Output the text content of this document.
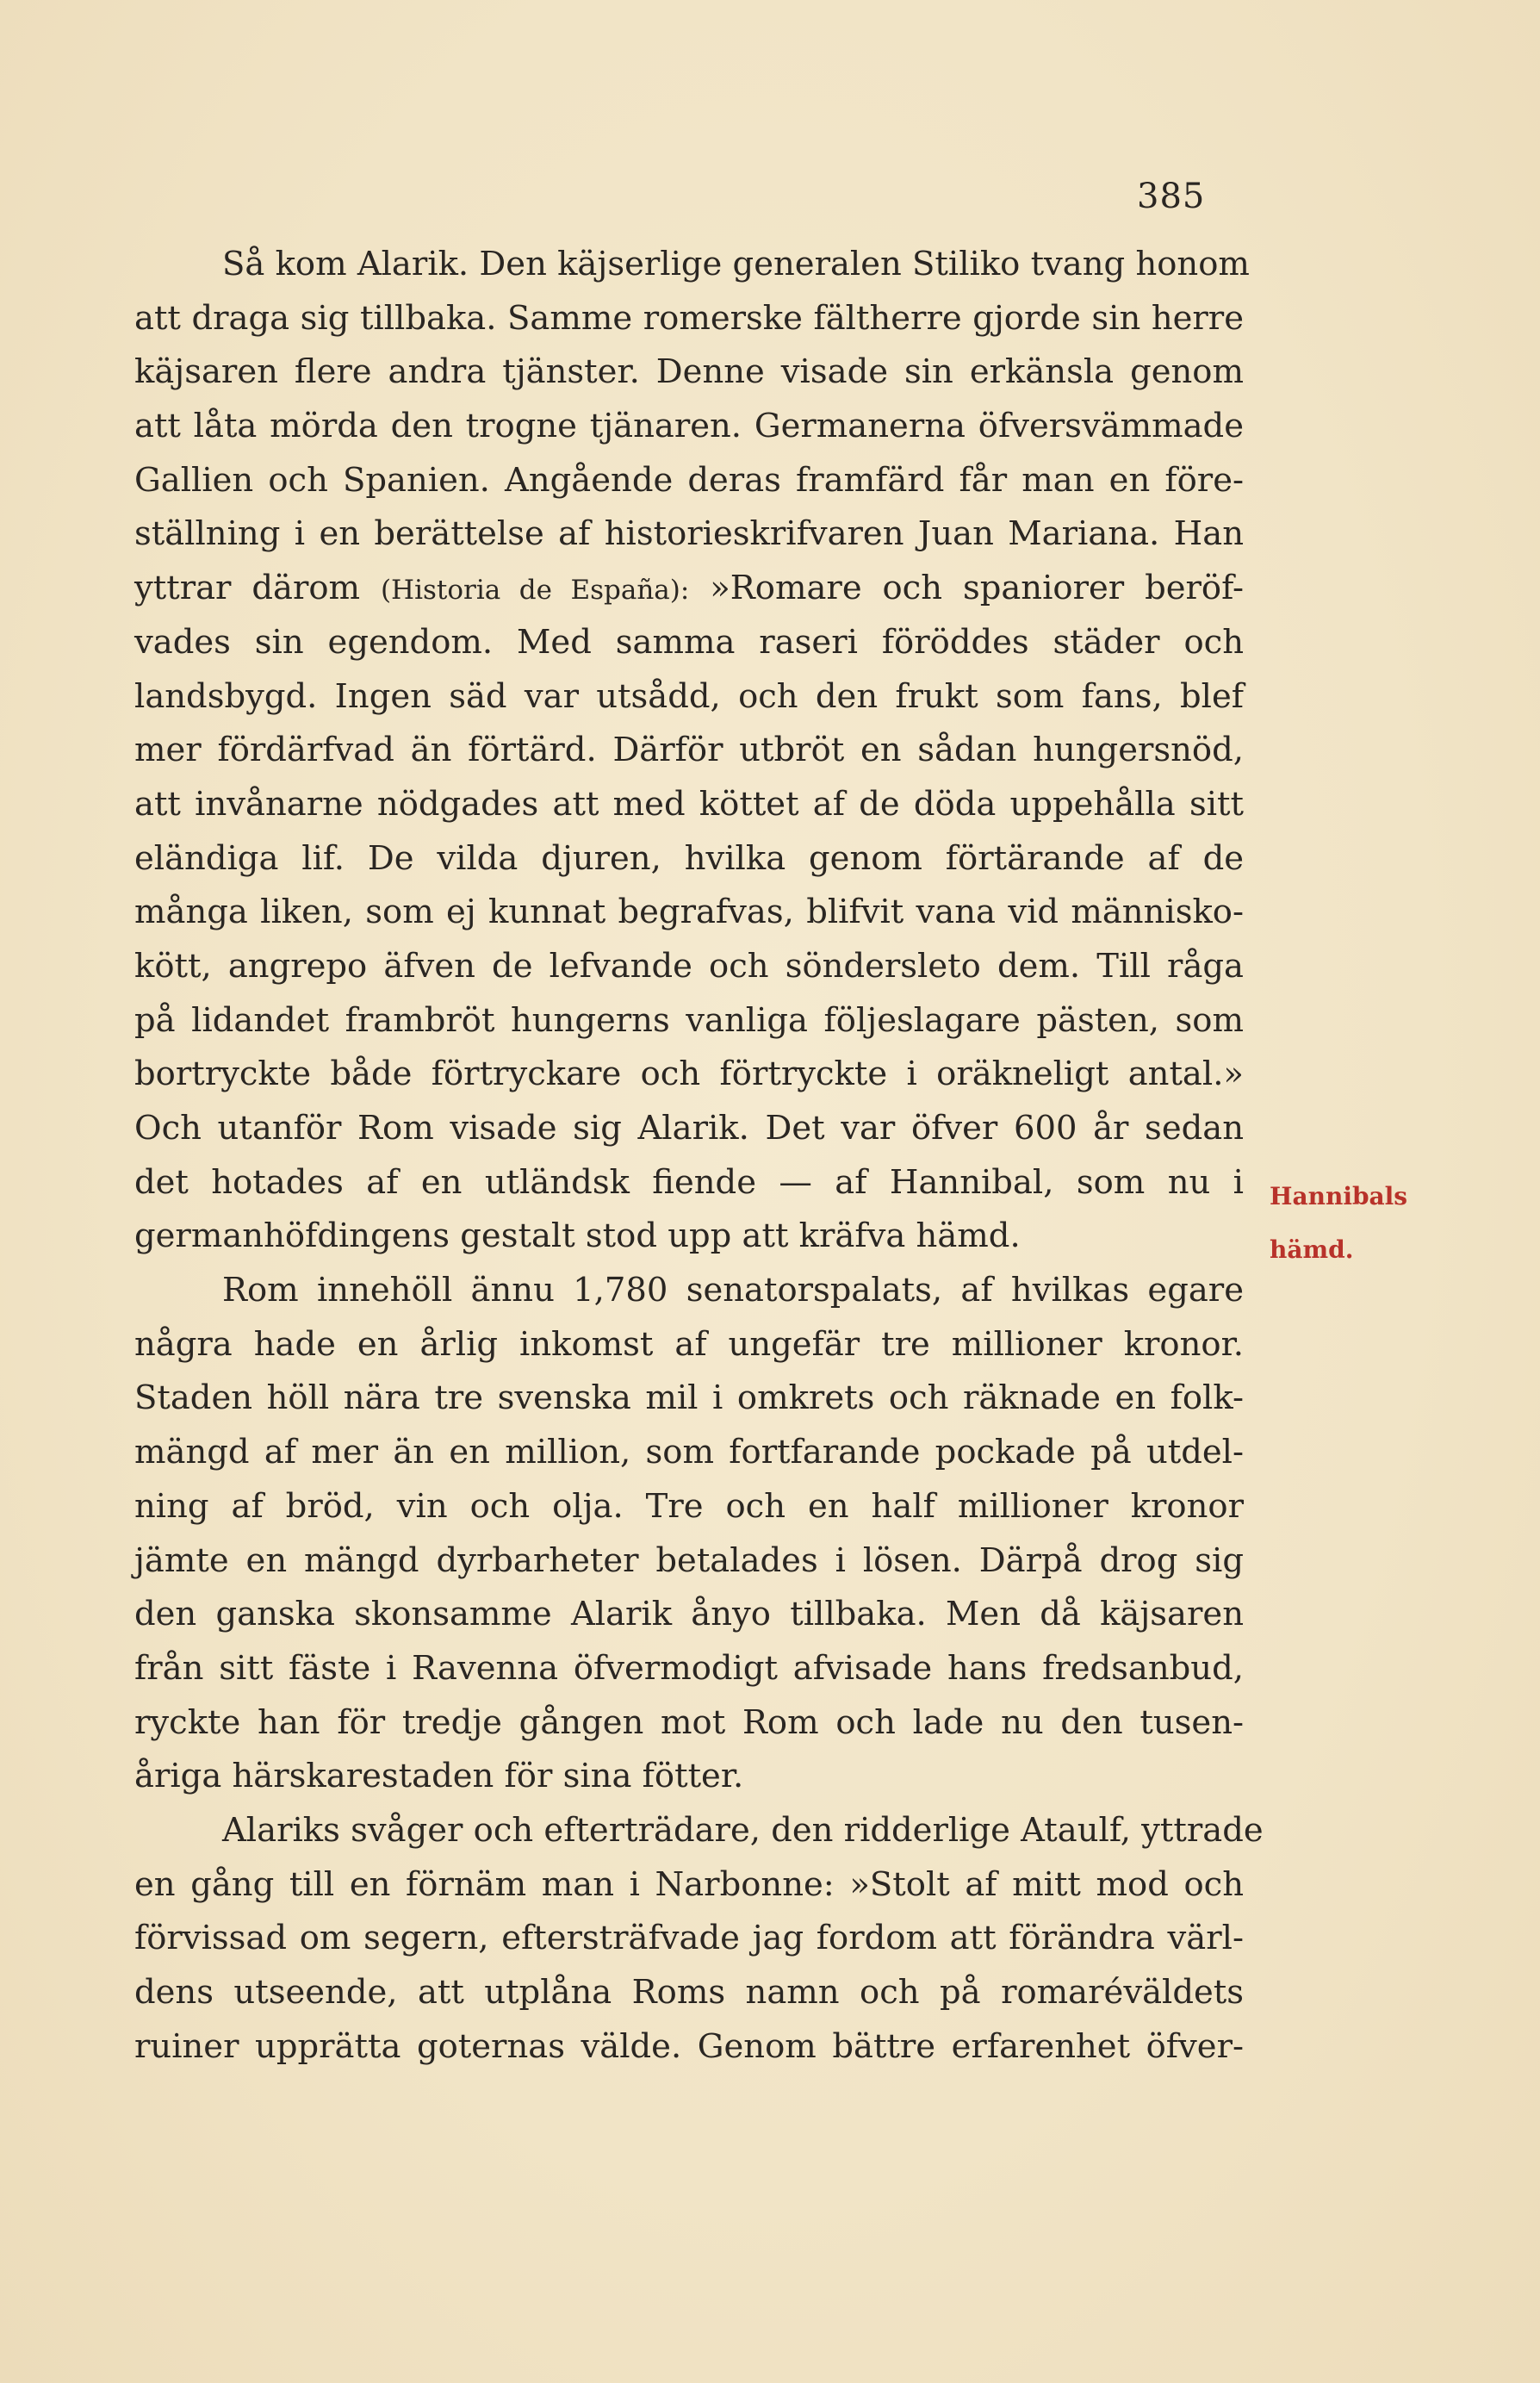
385
Så kom Alarik. Den käjserlige generalen Stiliko tvang honom
att draga sig tillbaka. Samme romerske fältherre gjorde sin herre
käjsaren flere andra tjänster. Denne visade sin erkänsla genom
att låta mörda den trogne tjänaren. Germanerna öfversvämmade
Gallien och Spanien. Angående deras framfärd får man en före-
ställning i en berättelse af historieskrifvaren Juan Mariana. Han
yttrar därom (Historia de España): »Romare och spaniorer beröf-
vades sin egendom. Med samma raseri föröddes städer och
landsbygd. Ingen säd var utsådd, och den frukt som fans, blef
mer fördärfvad än förtärd. Därför utbröt en sådan hungersnöd,
att invånarne nödgades att med köttet af de döda uppehålla sitt
eländiga lif. De vilda djuren, hvilka genom förtärande af de
många liken, som ej kunnat begrafvas, blifvit vana vid människo-
kött, angrepo äfven de lefvande och söndersleto dem. Till råga
på lidandet frambröt hungerns vanliga följeslagare pästen, som
bortryckte både förtryckare och förtryckte i oräkneligt antal.»
Och utanför Rom visade sig Alarik. Det var öfver 600 år sedan
det hotades af en utländsk fiende — af Hannibal, som nu i
germanhöfdingens gestalt stod upp att kräfva hämd.
Rom innehöll ännu 1,780 senatorspalats, af hvilkas egare
några hade en årlig inkomst af ungefär tre millioner kronor.
Staden höll nära tre svenska mil i omkrets och räknade en folk-
mängd af mer än en million, som fortfarande pockade på utdel-
ning af bröd, vin och olja. Tre och en half millioner kronor
jämte en mängd dyrbarheter betalades i lösen. Därpå drog sig
den ganska skonsamme Alarik ånyo tillbaka. Men då käjsaren
från sitt fäste i Ravenna öfvermodigt afvisade hans fredsanbud,
ryckte han för tredje gången mot Rom och lade nu den tusen-
åriga härskarestaden för sina fötter.
Alariks svåger och efterträdare, den ridderlige Ataulf, yttrade
en gång till en förnäm man i Narbonne: »Stolt af mitt mod och
förvissad om segern, eftersträfvade jag fordom att förändra värl-
dens utseende, att utplåna Roms namn och på romaréväldets
ruiner upprätta goternas välde. Genom bättre erfarenhet öfver-
Hannibals
hämd.
